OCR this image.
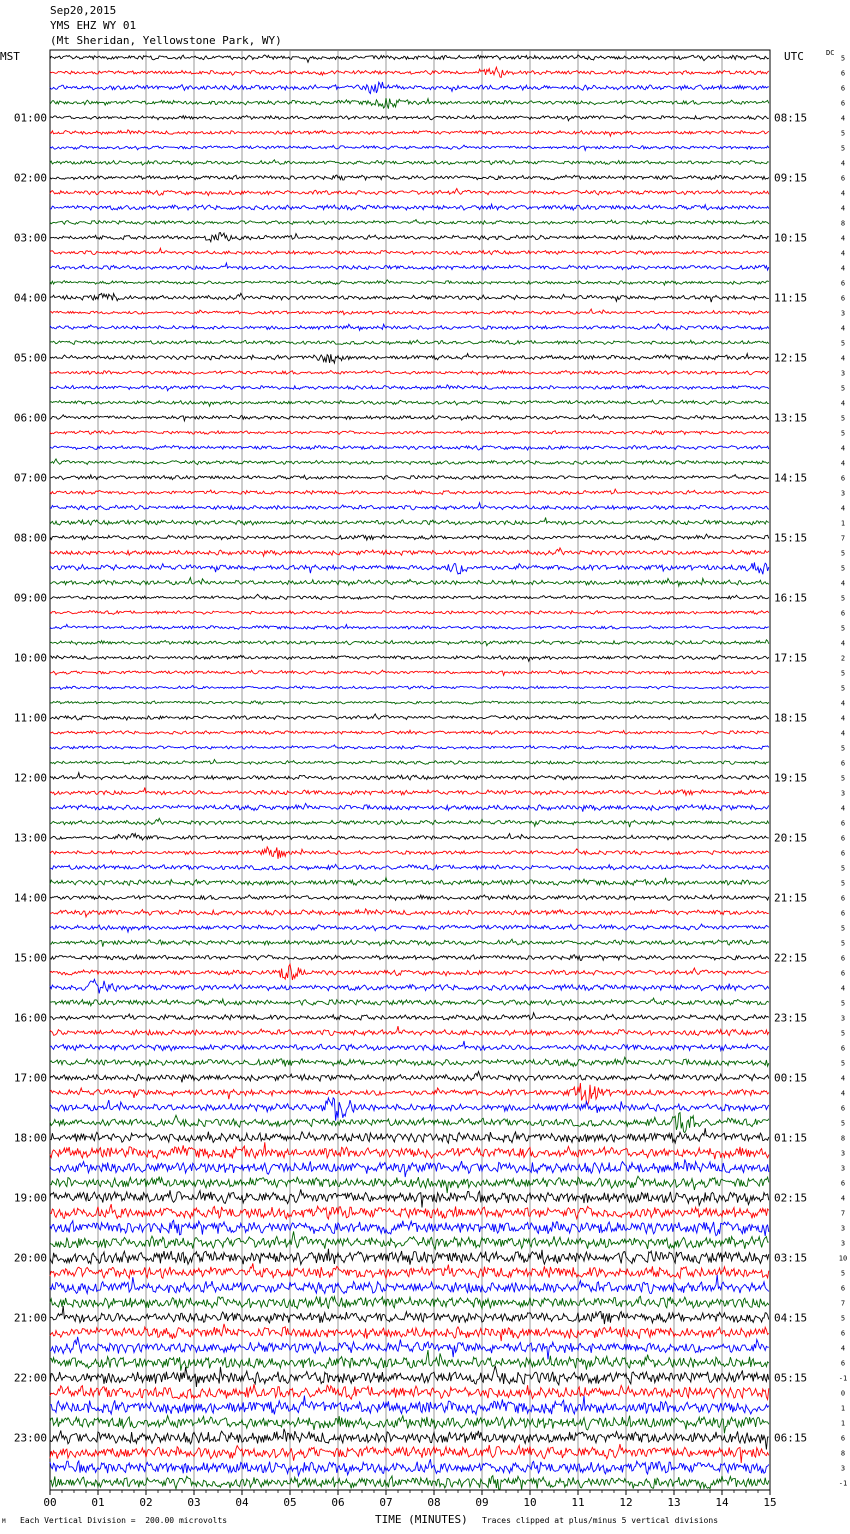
Sep20,2015
YMS EHZ WY 01
(Mt Sheridan, Yellowstone Park, WY)
MST	UTC	DC
00	01	02	03	04	05	06	07	08	09	10	11	12	13	14	15
01:00
02:00
03:00
04:00
05:00
06:00
07:00
08:00
09:00
10:00
11:00
12:00
13:00
14:00
15:00
16:00
17:00
18:00
19:00
20:00
21:00
22:00
23:00
08:15
09:15
10:15
11:15
12:15
13:15
14:15
15:15
16:15
17:15
18:15
19:15
20:15
21:15
22:15
23:15
00:15
01:15
02:15
03:15
04:15
05:15
06:15
5
6
6
6
4
5
5
4
6
4
4
8
4
4
4
6
6
3
4
5
4
3
5
4
5
5
4
4
6
3
4
1
7
5
5
4
5
6
5
4
2
5
5
4
4
4
5
6
5
3
4
6
6
6
5
5
6
6
5
5
6
6
4
5
3
5
6
5
4
4
6
5
8
3
3
6
4
7
3
3
10
5
6
7
5
6
4
6
-1
0
1
1
6
8
3
-1
M Each Vertical Division =  200.00 microvolts	TIME (MINUTES) Traces clipped at plus/minus 5 vertical divisions
